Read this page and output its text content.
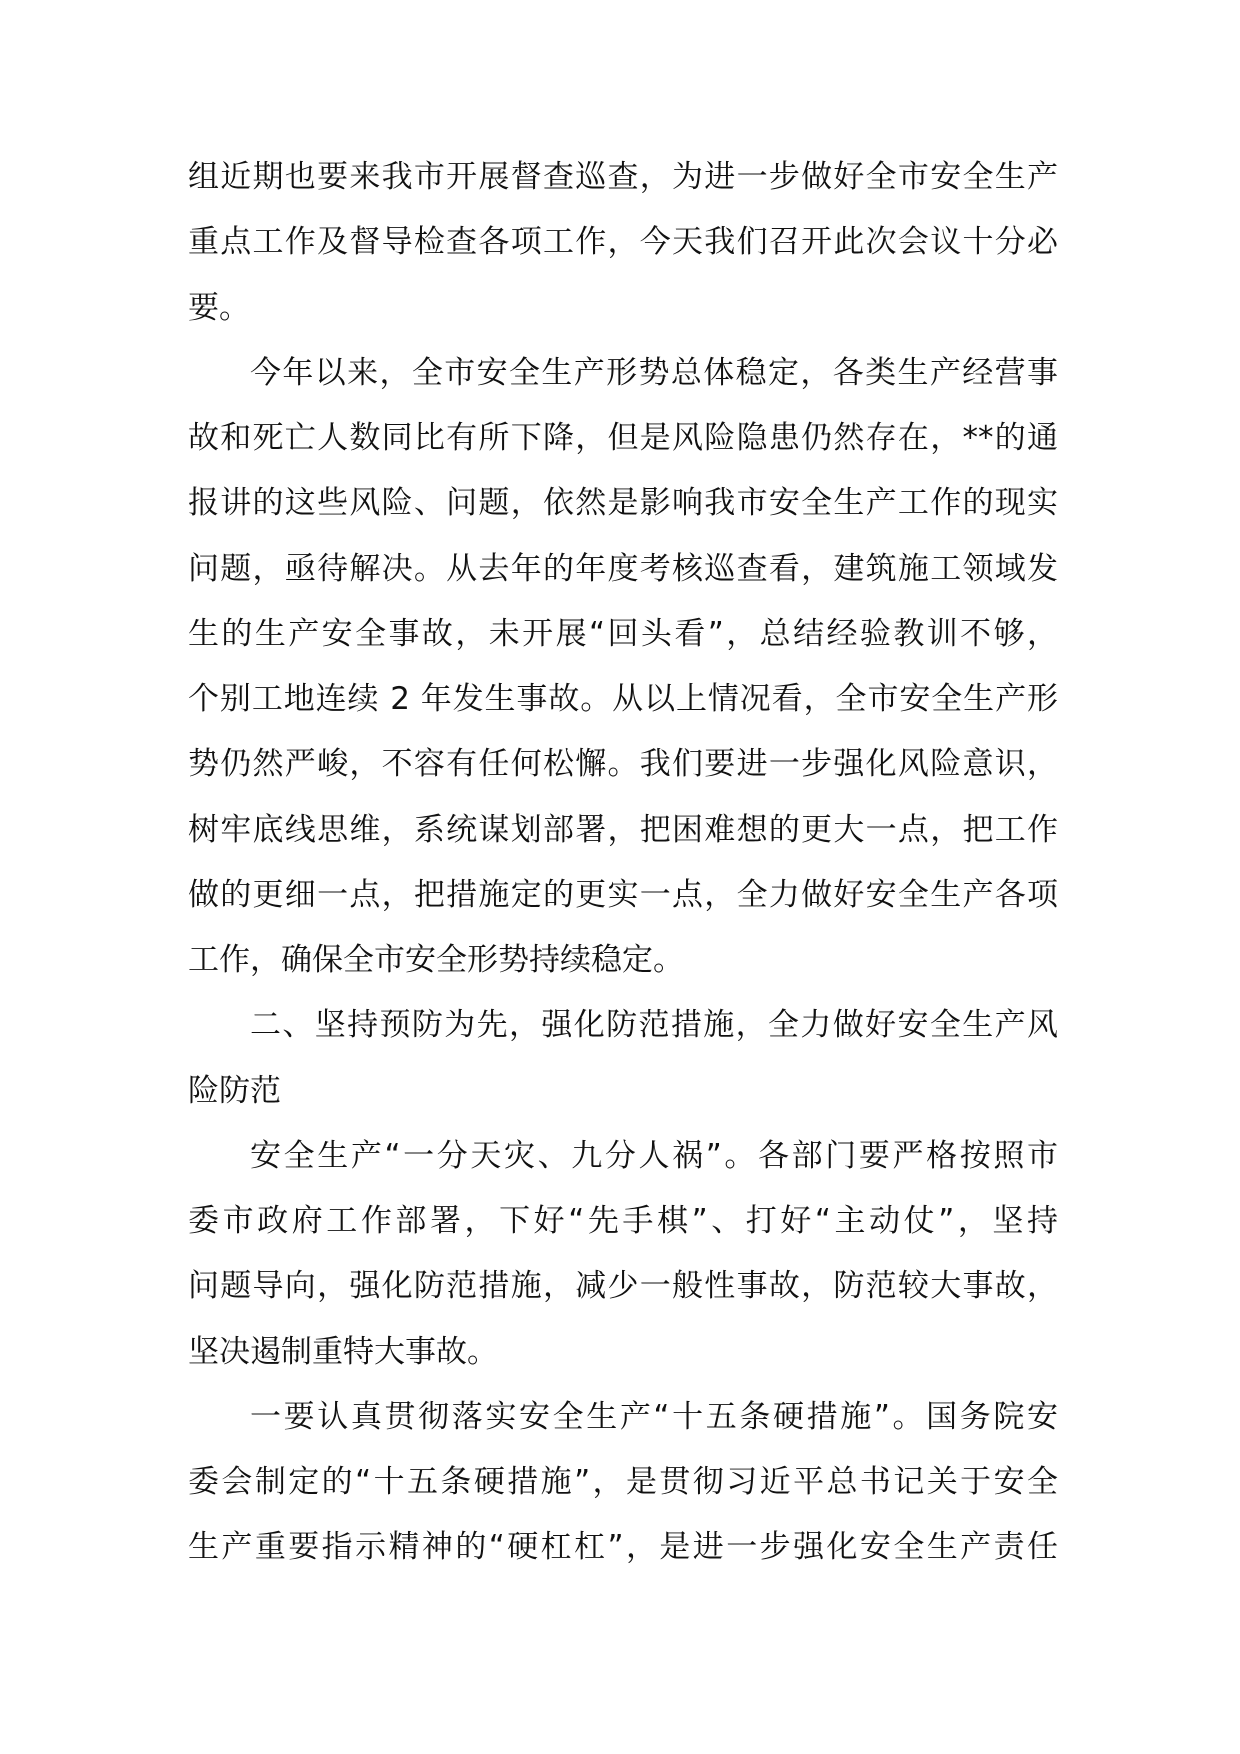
组近期也要来我市开展督查巡查，为进一步做好全市安全生产
重点工作及督导检查各项工作，今天我们召开此次会议十分必
要。
今年以来，全市安全生产形势总体稳定，各类生产经营事
故和死亡人数同比有所下降，但是风险隐患仍然存在，**的通
报讲的这些风险、问题，依然是影响我市安全生产工作的现实
问题，亟待解决。从去年的年度考核巡查看，建筑施工领域发
生的生产安全事故，未开展“回头看”，总结经验教训不够，
个别工地连续 2 年发生事故。从以上情况看，全市安全生产形
势仍然严峻，不容有任何松懈。我们要进一步强化风险意识，
树牢底线思维，系统谋划部署，把困难想的更大一点，把工作
做的更细一点，把措施定的更实一点，全力做好安全生产各项
工作，确保全市安全形势持续稳定。
二、坚持预防为先，强化防范措施，全力做好安全生产风
险防范
安全生产“一分天灾、九分人祸”。各部门要严格按照市
委市政府工作部署，下好“先手棋”、打好“主动仗”，坚持
问题导向，强化防范措施，减少一般性事故，防范较大事故，
坚决遏制重特大事故。
一要认真贯彻落实安全生产“十五条硬措施”。国务院安
委会制定的“十五条硬措施”，是贯彻习近平总书记关于安全
生产重要指示精神的“硬杠杠”，是进一步强化安全生产责任
